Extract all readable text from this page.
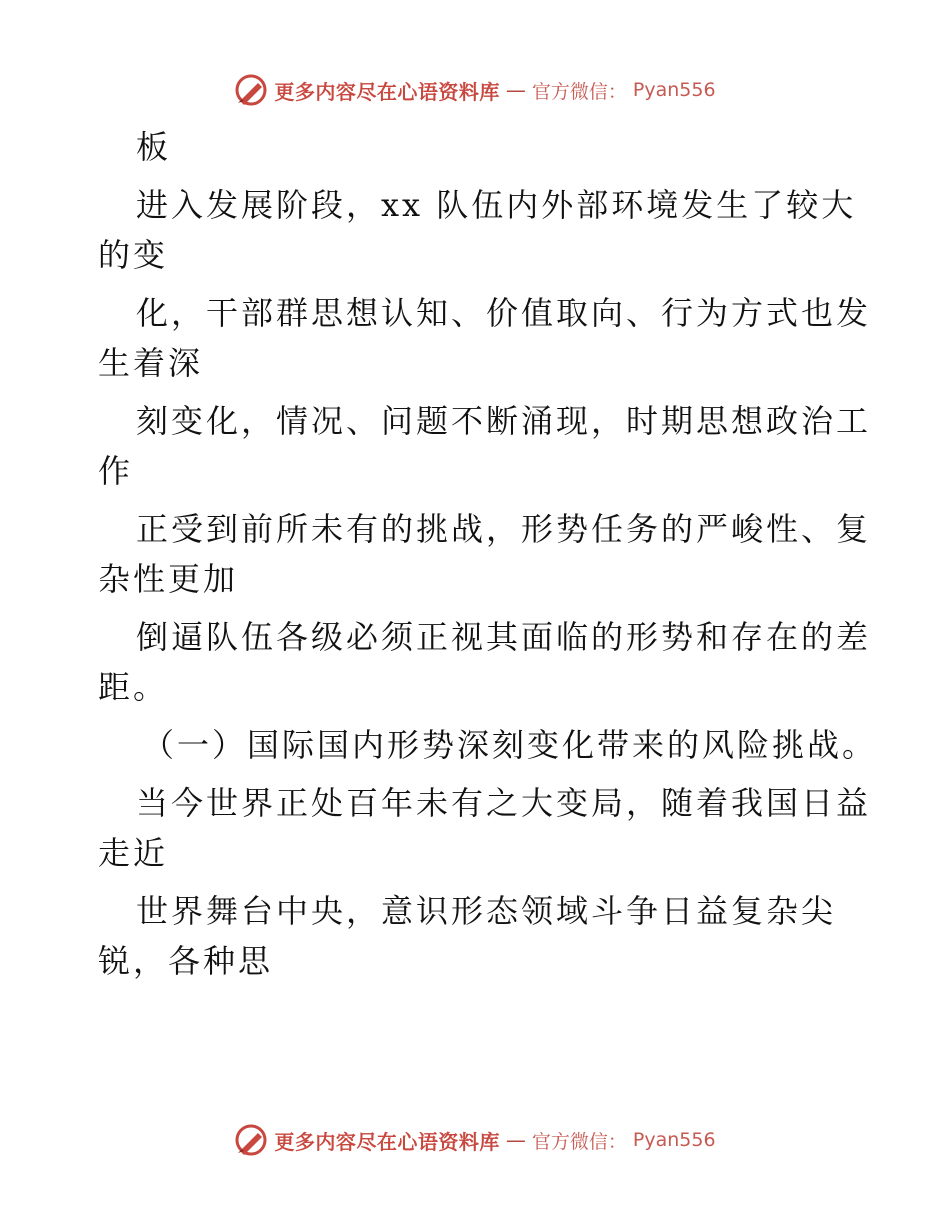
更多内容尽在心语资料库 — 官方微信： Pyan556
板
进入发展阶段，xx 队伍内外部环境发生了较大
的变
化，干部群思想认知、价值取向、行为方式也发
生着深
刻变化，情况、问题不断涌现，时期思想政治工
作
正受到前所未有的挑战，形势任务的严峻性、复
杂性更加
倒逼队伍各级必须正视其面临的形势和存在的差
距。
（一）国际国内形势深刻变化带来的风险挑战。
当今世界正处百年未有之大变局，随着我国日益
走近
世界舞台中央，意识形态领域斗争日益复杂尖
锐，各种思
更多内容尽在心语资料库 — 官方微信： Pyan556
